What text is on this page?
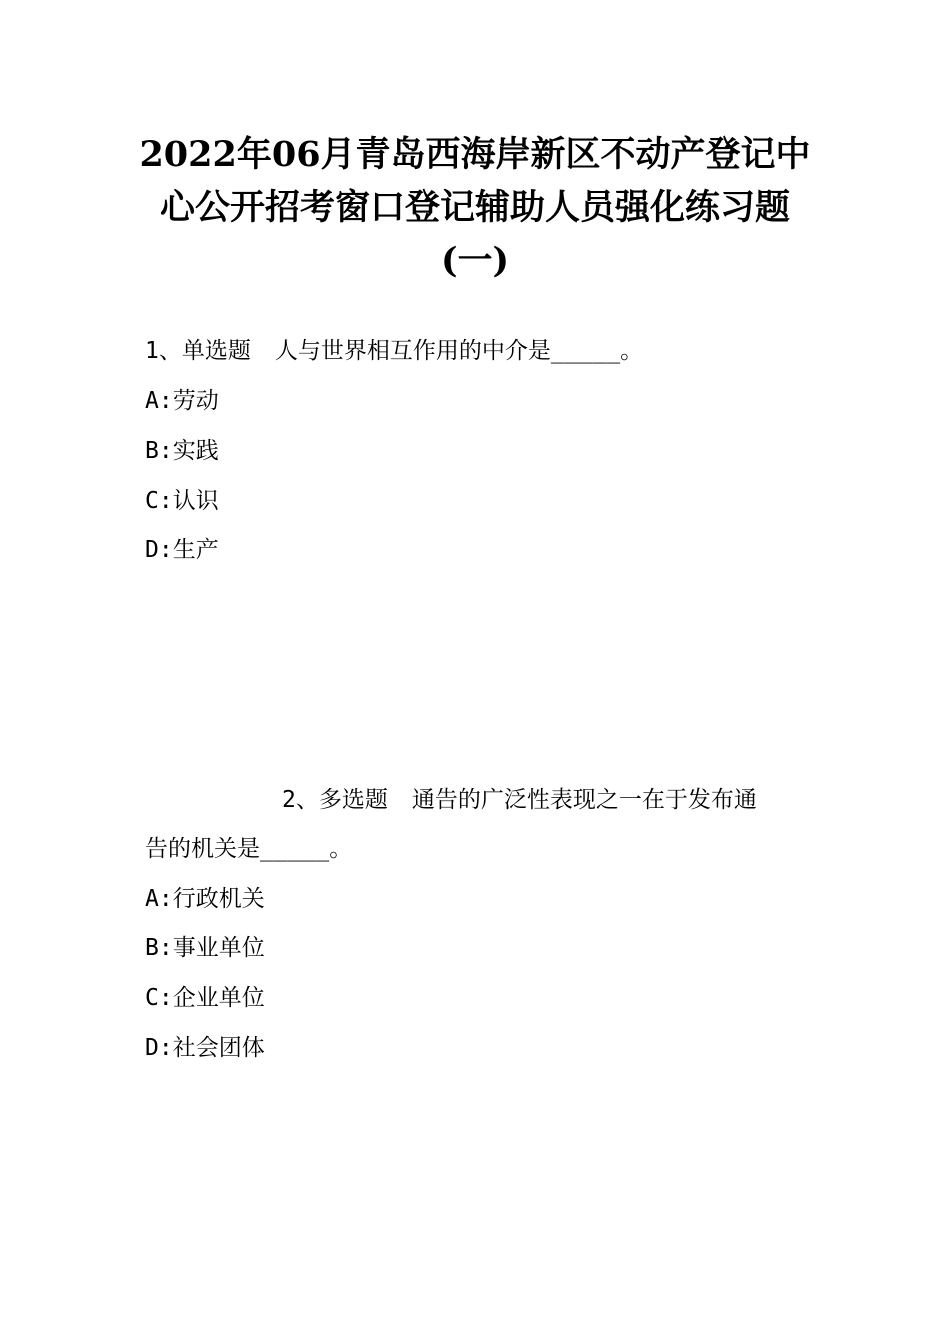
2022年06月青岛西海岸新区不动产登记中
心公开招考窗口登记辅助人员强化练习题
(一)
1、单选题 人与世界相互作用的中介是_____。
A:劳动
B:实践
C:认识
D:生产
2、多选题 通告的广泛性表现之一在于发布通
告的机关是_____。
A:行政机关
B:事业单位
C:企业单位
D:社会团体
